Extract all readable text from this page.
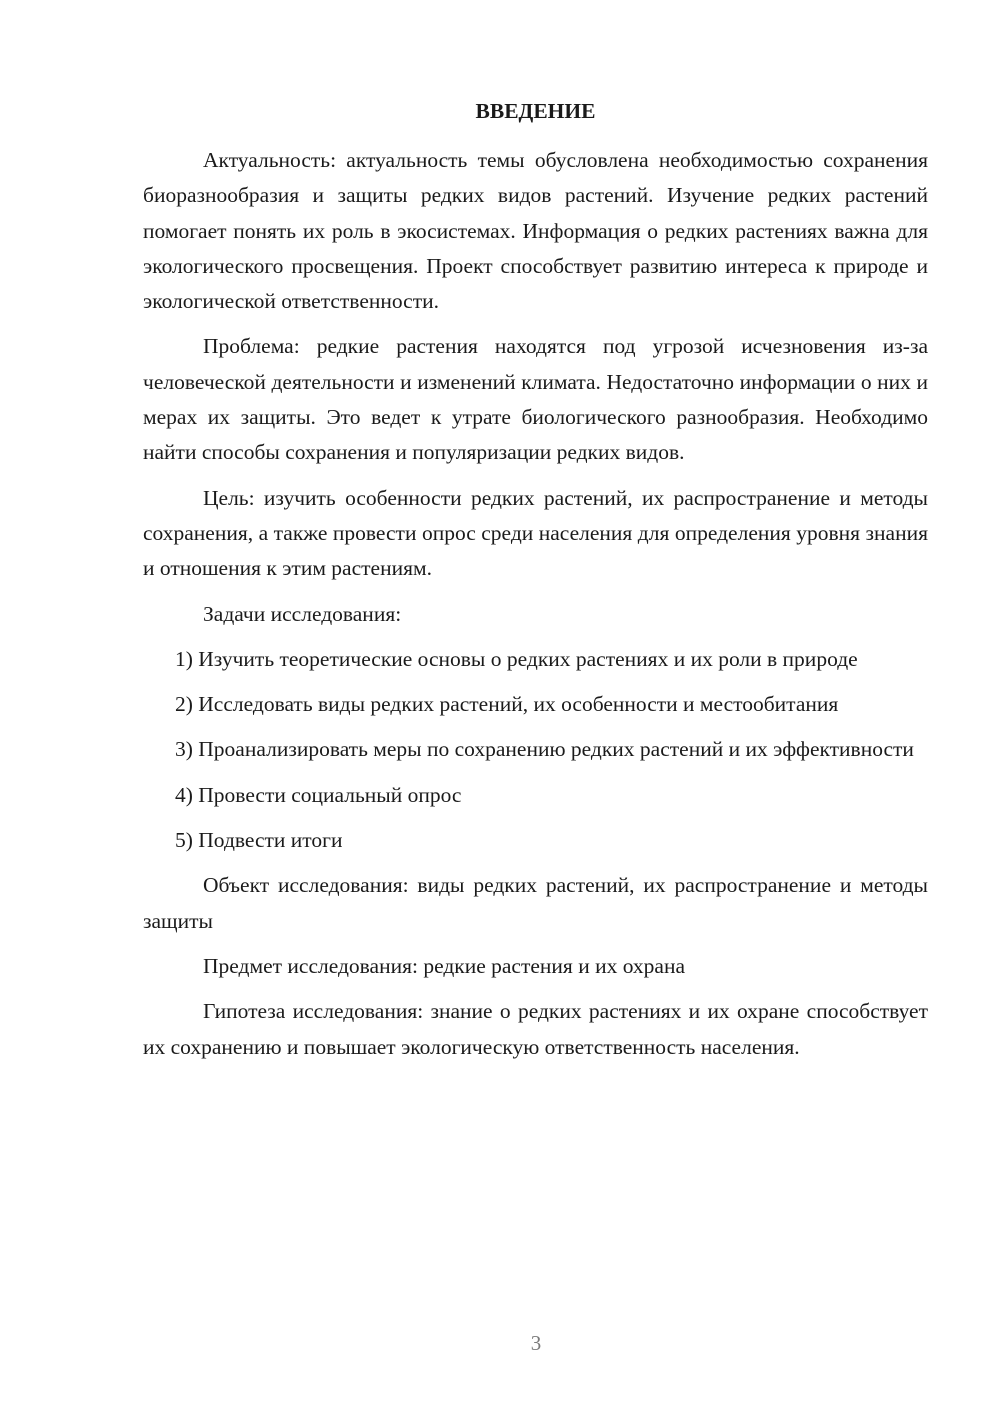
ВВЕДЕНИЕ

Актуальность: актуальность темы обусловлена необходимостью сохранения биоразнообразия и защиты редких видов растений. Изучение редких растений помогает понять их роль в экосистемах. Информация о редких растениях важна для экологического просвещения. Проект способствует развитию интереса к природе и экологической ответственности.

Проблема: редкие растения находятся под угрозой исчезновения из-за человеческой деятельности и изменений климата. Недостаточно информации о них и мерах их защиты. Это ведет к утрате биологического разнообразия. Необходимо найти способы сохранения и популяризации редких видов.

Цель: изучить особенности редких растений, их распространение и методы сохранения, а также провести опрос среди населения для определения уровня знания и отношения к этим растениям.

Задачи исследования:

1) Изучить теоретические основы о редких растениях и их роли в природе

2) Исследовать виды редких растений, их особенности и местообитания

3) Проанализировать меры по сохранению редких растений и их эффективности

4) Провести социальный опрос

5) Подвести итоги

Объект исследования: виды редких растений, их распространение и методы защиты

Предмет исследования: редкие растения и их охрана

Гипотеза исследования: знание о редких растениях и их охране способствует их сохранению и повышает экологическую ответственность населения.

3
